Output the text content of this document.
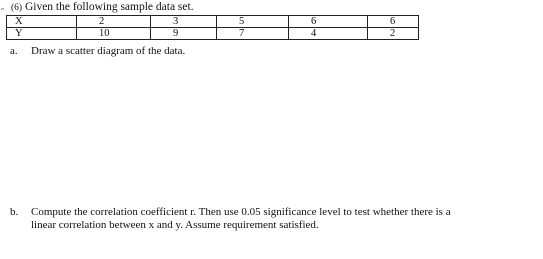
(6) Given the following sample data set.
X	2	3	5	6	6
Y	10	9	7	4	2
a. Draw a scatter diagram of the data.
b. Compute the correlation coefficient r. Then use 0.05 significance level to test whether there is a
linear correlation between x and y. Assume requirement satisfied.
